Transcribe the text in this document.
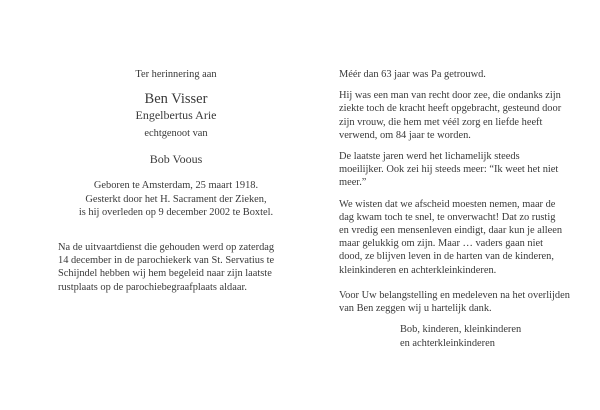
Ter herinnering aan
Ben Visser
Engelbertus Arie
echtgenoot van
Bob Voous
Geboren te Amsterdam, 25 maart 1918.
Gesterkt door het H. Sacrament der Zieken,
is hij overleden op 9 december 2002 te Boxtel.
Na de uitvaartdienst die gehouden werd op zaterdag
14 december in de parochiekerk van St. Servatius te
Schijndel hebben wij hem begeleid naar zijn laatste
rustplaats op de parochiebegraafplaats aldaar.
Méér dan 63 jaar was Pa getrouwd.
Hij was een man van recht door zee, die ondanks zijn
ziekte toch de kracht heeft opgebracht, gesteund door
zijn vrouw, die hem met véél zorg en liefde heeft
verwend, om 84 jaar te worden.
De laatste jaren werd het lichamelijk steeds
moeilijker. Ook zei hij steeds meer: “Ik weet het niet
meer.”
We wisten dat we afscheid moesten nemen, maar de
dag kwam toch te snel, te onverwacht! Dat zo rustig
en vredig een mensenleven eindigt, daar kun je alleen
maar gelukkig om zijn. Maar … vaders gaan niet
dood, ze blijven leven in de harten van de kinderen,
kleinkinderen en achterkleinkinderen.
Voor Uw belangstelling en medeleven na het overlijden
van Ben zeggen wij u hartelijk dank.
Bob, kinderen, kleinkinderen
en achterkleinkinderen
